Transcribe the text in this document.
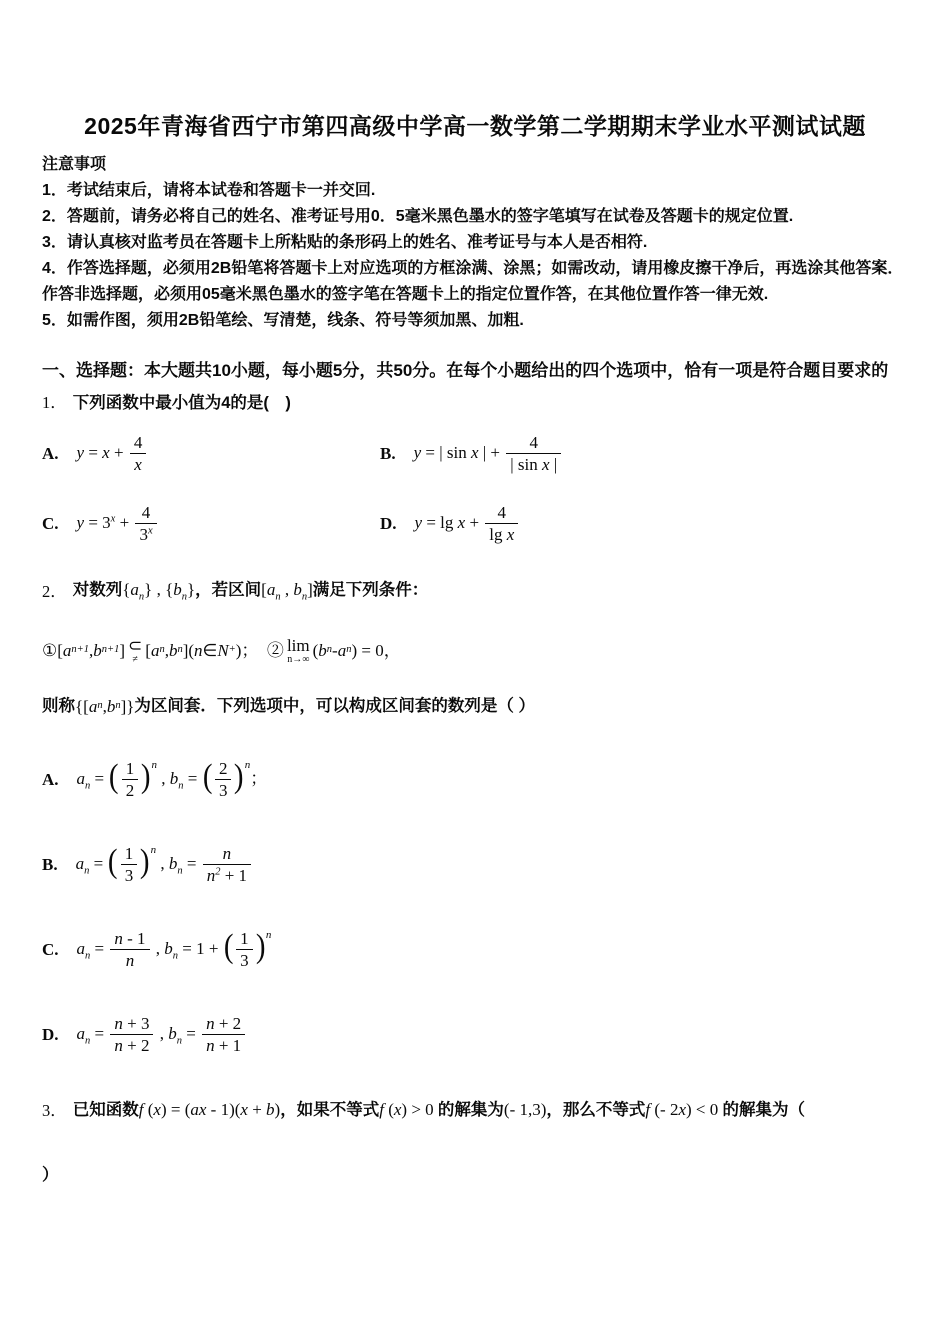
2025年青海省西宁市第四高级中学高一数学第二学期期末学业水平测试试题
注意事项
1．考试结束后，请将本试卷和答题卡一并交回.
2．答题前，请务必将自己的姓名、准考证号用0．5毫米黑色墨水的签字笔填写在试卷及答题卡的规定位置.
3．请认真核对监考员在答题卡上所粘贴的条形码上的姓名、准考证号与本人是否相符.
4．作答选择题，必须用2B铅笔将答题卡上对应选项的方框涂满、涂黑；如需改动，请用橡皮擦干净后，再选涂其他答案．作答非选择题，必须用05毫米黑色墨水的签字笔在答题卡上的指定位置作答，在其他位置作答一律无效.
5．如需作图，须用2B铅笔绘、写清楚，线条、符号等须加黑、加粗.
一、选择题：本大题共10小题，每小题5分，共50分。在每个小题给出的四个选项中，恰有一项是符合题目要求的
1． 下列函数中最小值为4的是(　)
A. $y = x + \frac{4}{x}$	B. y = | sin x | + $\frac{4}{\text{| sin x |}}$
C. $y = 3^x + \frac{4}{3^x}$	D. $y = \lg x + \frac{4}{\text{lg x}}$
2． 对数列$\{a_n\}$ , $\{b_n\}$，若区间[$a_n$ , $b_n$]满足下列条件：
①[ a n+1 , b n+1 ] ⊂
≠ [ a n , b n ]( n ∈ N + )；　② lim
n→∞ ( b n - a n ) = 0，
则称 {[ a n , b n ]} 为区间套．下列选项中，可以构成区间套的数列是（ ）
A. $a_n$ = ( $\frac{1}{2} )^n$ , $b_n$ = ( $\frac{2}{3} )^n$；
B. $a_n$ = ( $\frac{1}{3} )^n$ , $b_n = \frac{n}{n^2 + 1}$
C. $a_n = \frac{n - 1}{n}$ , $b_n = 1$ + ( $\frac{1}{3} )^n$
D. $a_n = \frac{n + 3}{n + 2}$ , $b_n = \frac{n + 2}{n + 1}$
3． 已知函数f (x) = (ax - 1)(x + b)，如果不等式f (x) > 0 的解集为(- 1,3)，那么不等式f (- 2x) < 0 的解集为（
）
